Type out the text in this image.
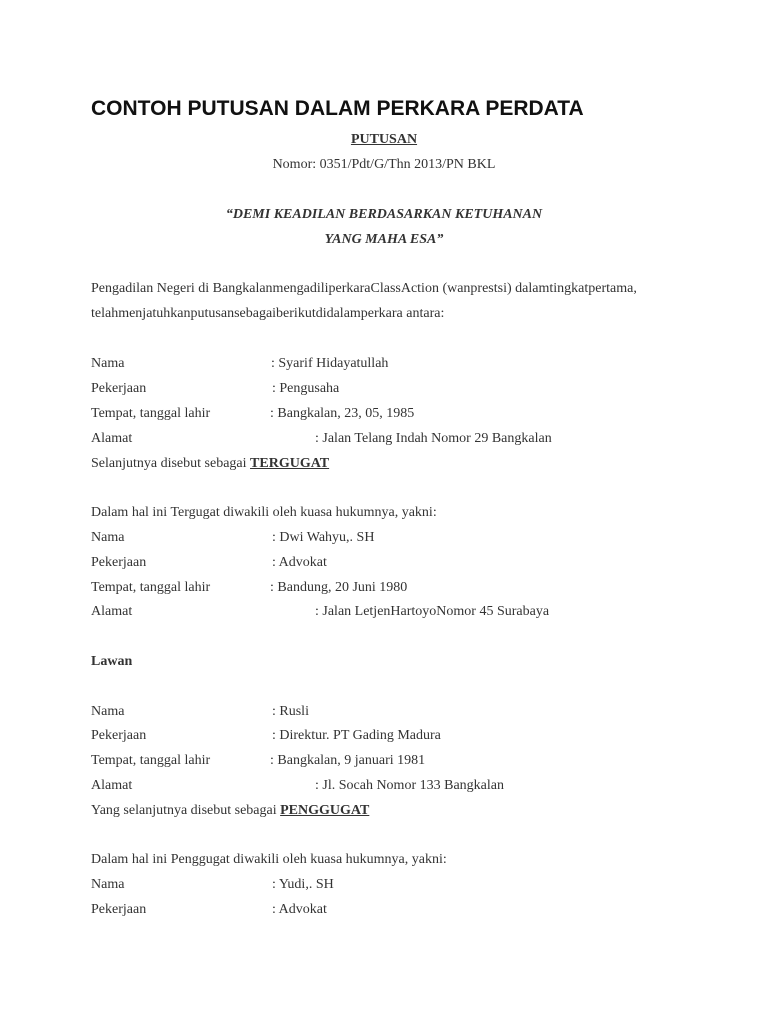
CONTOH PUTUSAN DALAM PERKARA PERDATA
PUTUSAN
Nomor: 0351/Pdt/G/Thn 2013/PN BKL
“DEMI KEADILAN BERDASARKAN KETUHANAN
YANG MAHA ESA”
Pengadilan Negeri di BangkalanmengadiliperkaraClassAction (wanprestsi) dalamtingkatpertama,
telahmenjatuhkanputusansebagaiberikutdidalamperkara antara:
Nama	: Syarif Hidayatullah
Pekerjaan	: Pengusaha
Tempat, tanggal lahir	: Bangkalan, 23, 05, 1985
Alamat	: Jalan Telang Indah Nomor 29 Bangkalan
Selanjutnya disebut sebagai TERGUGAT
Dalam hal ini Tergugat diwakili oleh kuasa hukumnya, yakni:
Nama	: Dwi Wahyu,. SH
Pekerjaan	: Advokat
Tempat, tanggal lahir	: Bandung, 20 Juni 1980
Alamat	: Jalan LetjenHartoyoNomor 45 Surabaya
Lawan
Nama	: Rusli
Pekerjaan	: Direktur. PT Gading Madura
Tempat, tanggal lahir	: Bangkalan, 9 januari 1981
Alamat	: Jl. Socah Nomor 133 Bangkalan
Yang selanjutnya disebut sebagai PENGGUGAT
Dalam hal ini Penggugat diwakili oleh kuasa hukumnya, yakni:
Nama	: Yudi,. SH
Pekerjaan	: Advokat
